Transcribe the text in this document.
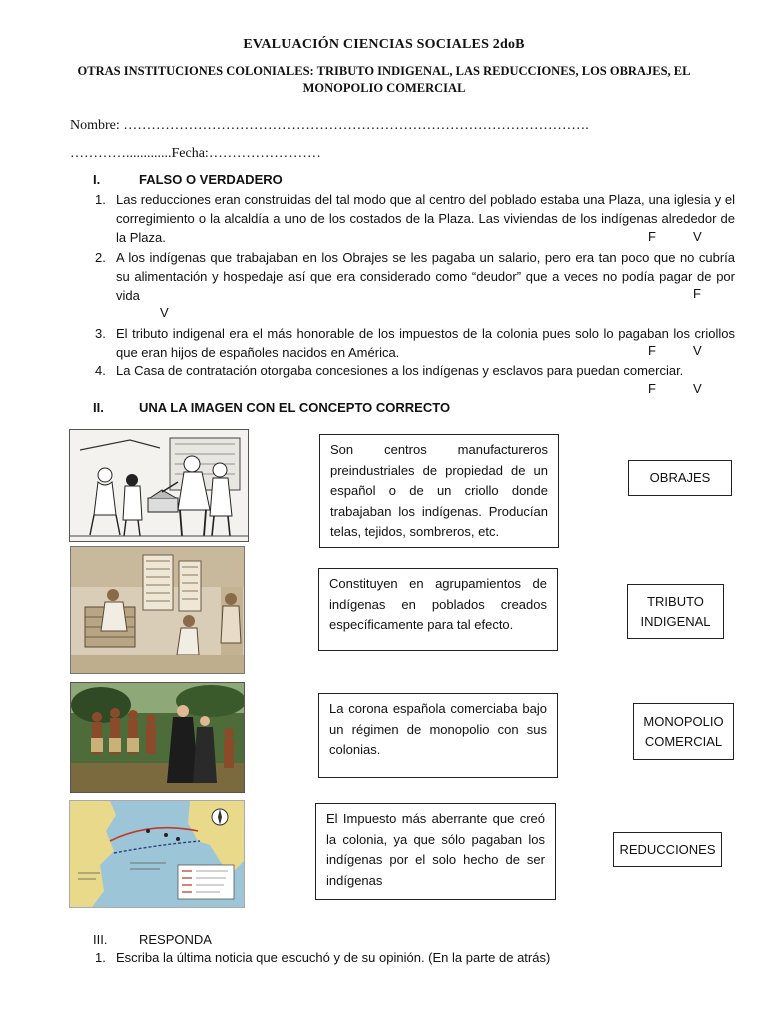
EVALUACIÓN CIENCIAS SOCIALES 2doB
OTRAS INSTITUCIONES COLONIALES: TRIBUTO INDIGENAL, LAS REDUCCIONES, LOS OBRAJES, EL MONOPOLIO COMERCIAL
Nombre: ……………………………………………………………………………………….
………….............Fecha:……………………
I.	FALSO O VERDADERO
1. Las reducciones eran construidas del tal modo que al centro del poblado estaba una Plaza, una iglesia y el corregimiento o la alcaldía a uno de los costados de la Plaza. Las viviendas de los indígenas alrededor de la Plaza.	F	V
2. A los indígenas que trabajaban en los Obrajes se les pagaba un salario, pero era tan poco que no cubría su alimentación y hospedaje así que era considerado como “deudor” que a veces no podía pagar de por vida	F
V
3. El tributo indigenal era el más honorable de los impuestos de la colonia pues solo lo pagaban los criollos que eran hijos de españoles nacidos en América.	F	V
4. La Casa de contratación otorgaba concesiones a los indígenas y esclavos para puedan comerciar.
F	V
II.	UNA LA IMAGEN CON EL CONCEPTO CORRECTO
Son centros manufactureros preindustriales de propiedad de un español o de un criollo donde trabajaban los indígenas. Producían telas, tejidos, sombreros, etc.
Constituyen en agrupamientos de indígenas en poblados creados específicamente para tal efecto.
La corona española comerciaba bajo un régimen de monopolio con sus colonias.
El Impuesto más aberrante que creó la colonia, ya que sólo pagaban los indígenas por el solo hecho de ser indígenas
OBRAJES
TRIBUTO INDIGENAL
MONOPOLIO COMERCIAL
REDUCCIONES
III. RESPONDA
1. Escriba la última noticia que escuchó y de su opinión. (En la parte de atrás)
